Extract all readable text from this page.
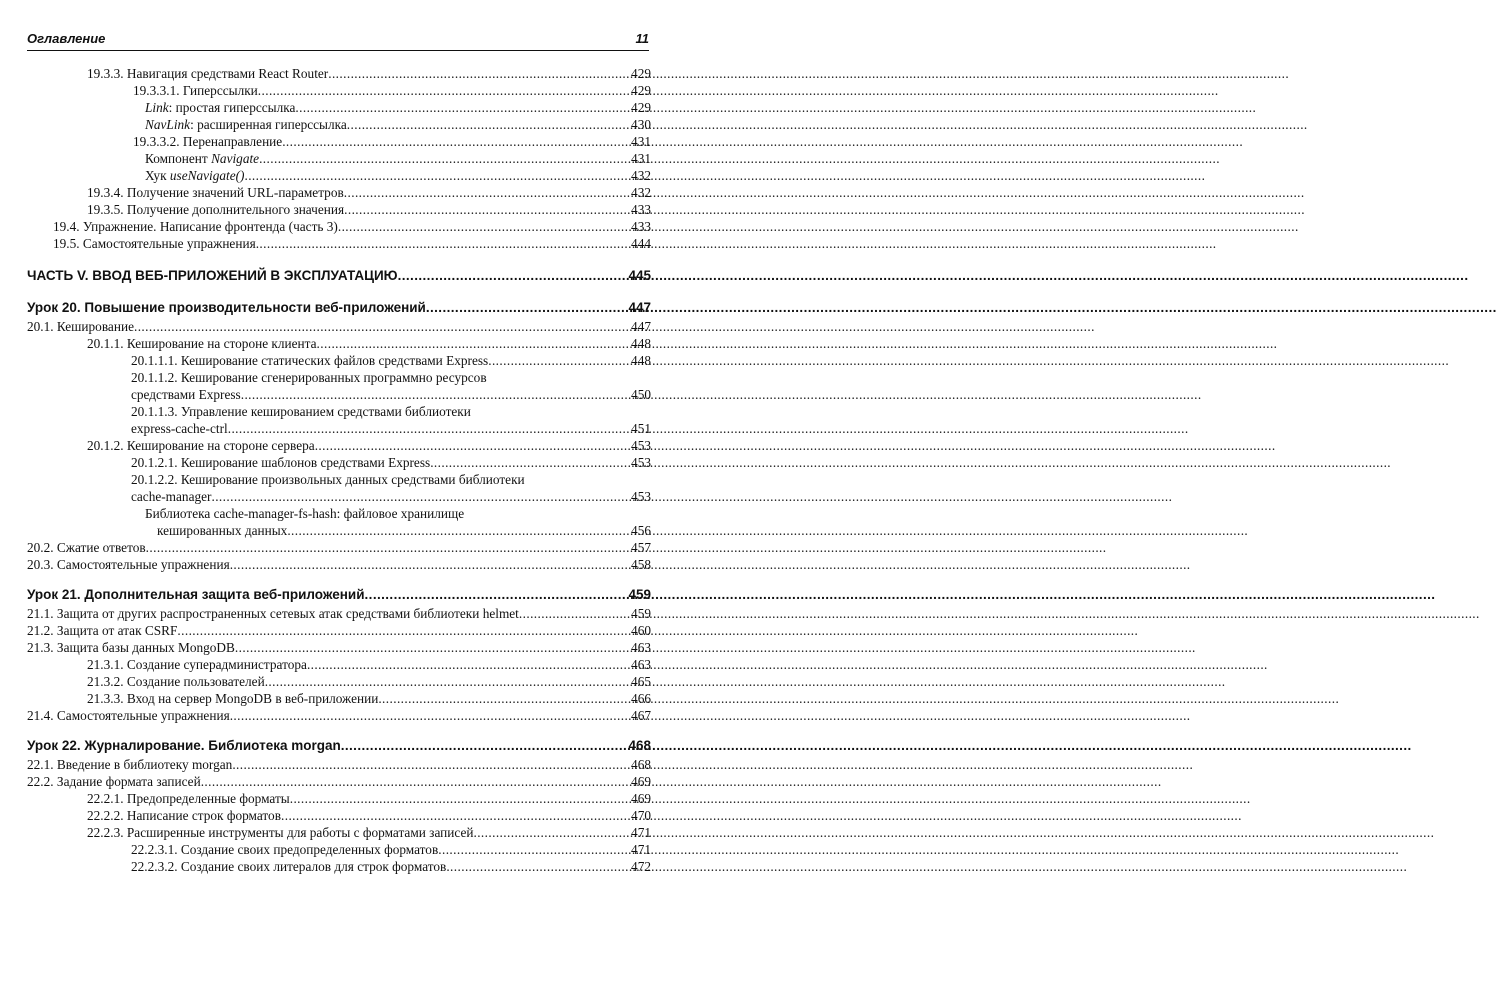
Оглавление	11
19.3.3. Навигация средствами React Router .....	429
19.3.3.1. Гиперссылки .....	429
Link: простая гиперссылка .....	429
NavLink: расширенная гиперссылка .....	430
19.3.3.2. Перенаправление .....	431
Компонент Navigate .....	431
Хук useNavigate() .....	432
19.3.4. Получение значений URL-параметров .....	432
19.3.5. Получение дополнительного значения .....	433
19.4. Упражнение. Написание фронтенда (часть 3) .....	433
19.5. Самостоятельные упражнения .....	444
ЧАСТЬ V. ВВОД ВЕБ-ПРИЛОЖЕНИЙ В ЭКСПЛУАТАЦИЮ .....	445
Урок 20. Повышение производительности веб-приложений .....	447
20.1. Кеширование .....	447
20.1.1. Кеширование на стороне клиента .....	448
20.1.1.1. Кеширование статических файлов средствами Express .....	448
20.1.1.2. Кеширование сгенерированных программно ресурсов
средствами Express .....	450
20.1.1.3. Управление кешированием средствами библиотеки
express-cache-ctrl .....	451
20.1.2. Кеширование на стороне сервера .....	453
20.1.2.1. Кеширование шаблонов средствами Express .....	453
20.1.2.2. Кеширование произвольных данных средствами библиотеки
cache-manager .....	453
Библиотека cache-manager-fs-hash: файловое хранилище
кешированных данных .....	456
20.2. Сжатие ответов .....	457
20.3. Самостоятельные упражнения .....	458
Урок 21. Дополнительная защита веб-приложений .....	459
21.1. Защита от других распространенных сетевых атак средствами библиотеки helmet .....	459
21.2. Защита от атак CSRF .....	460
21.3. Защита базы данных MongoDB .....	463
21.3.1. Создание суперадминистратора .....	463
21.3.2. Создание пользователей .....	465
21.3.3. Вход на сервер MongoDB в веб-приложении .....	466
21.4. Самостоятельные упражнения .....	467
Урок 22. Журналирование. Библиотека morgan .....	468
22.1. Введение в библиотеку morgan .....	468
22.2. Задание формата записей .....	469
22.2.1. Предопределенные форматы .....	469
22.2.2. Написание строк форматов .....	470
22.2.3. Расширенные инструменты для работы с форматами записей .....	471
22.2.3.1. Создание своих предопределенных форматов .....	471
22.2.3.2. Создание своих литералов для строк форматов .....	472
